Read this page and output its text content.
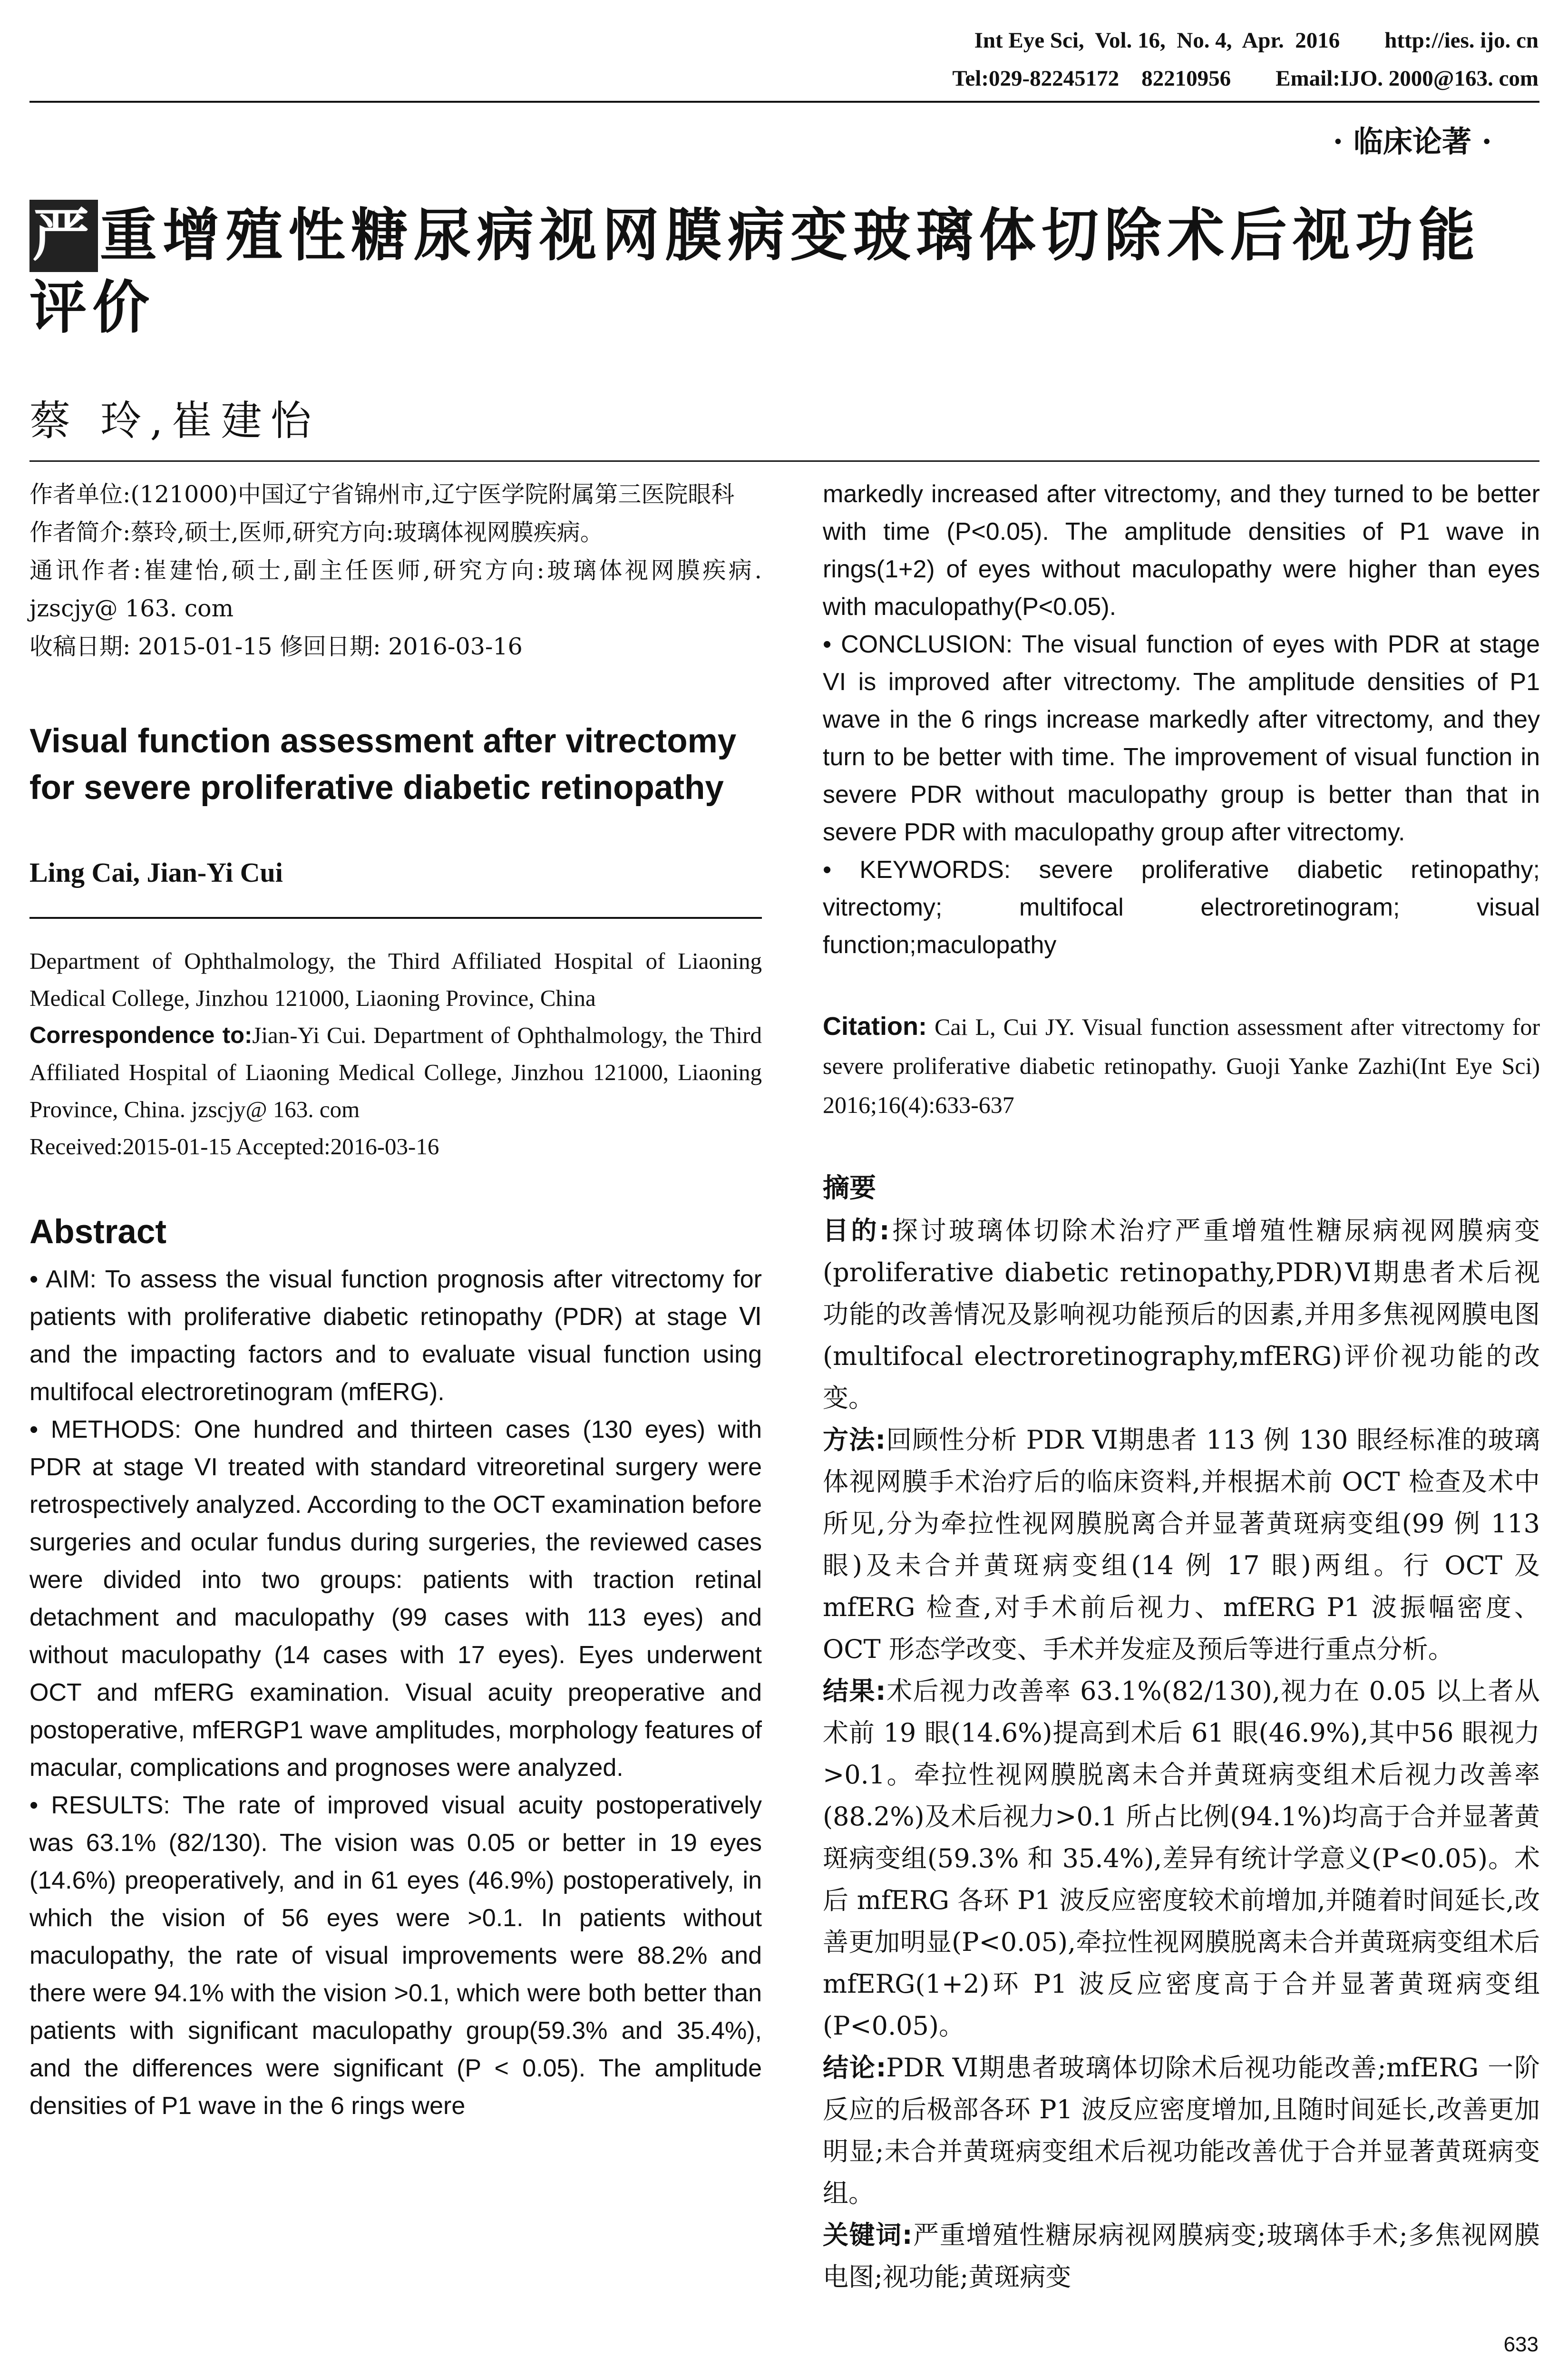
Int Eye Sci,  Vol. 16,  No. 4,  Apr.  2016        http://ies. ijo. cn
Tel:029-82245172    82210956        Email:IJO. 2000@163. com
· 临床论著 ·
严重增殖性糖尿病视网膜病变玻璃体切除术后视功能评价
蔡 玲,崔建怡

作者单位:(121000)中国辽宁省锦州市,辽宁医学院附属第三医院眼科

作者简介:蔡玲,硕士,医师,研究方向:玻璃体视网膜疾病。

通讯作者:崔建怡,硕士,副主任医师,研究方向:玻璃体视网膜疾病. jzscjy@ 163. com

收稿日期: 2015-01-15 修回日期: 2016-03-16

Visual function assessment after vitrectomy for severe proliferative diabetic retinopathy

Ling Cai, Jian-Yi Cui

Department of Ophthalmology, the Third Affiliated Hospital of Liaoning Medical College, Jinzhou 121000, Liaoning Province, China

Correspondence to:Jian-Yi Cui. Department of Ophthalmology, the Third Affiliated Hospital of Liaoning Medical College, Jinzhou 121000, Liaoning Province, China. jzscjy@ 163. com

Received:2015-01-15 Accepted:2016-03-16

Abstract

• AIM: To assess the visual function prognosis after vitrectomy for patients with proliferative diabetic retinopathy (PDR) at stage Ⅵ and the impacting factors and to evaluate visual function using multifocal electroretinogram (mfERG).

• METHODS: One hundred and thirteen cases (130 eyes) with PDR at stage VI treated with standard vitreoretinal surgery were retrospectively analyzed. According to the OCT examination before surgeries and ocular fundus during surgeries, the reviewed cases were divided into two groups: patients with traction retinal detachment and maculopathy (99 cases with 113 eyes) and without maculopathy (14 cases with 17 eyes). Eyes underwent OCT and mfERG examination. Visual acuity preoperative and postoperative, mfERGP1 wave amplitudes, morphology features of macular, complications and prognoses were analyzed.

• RESULTS: The rate of improved visual acuity postoperatively was 63.1% (82/130). The vision was 0.05 or better in 19 eyes (14.6%) preoperatively, and in 61 eyes (46.9%) postoperatively, in which the vision of 56 eyes were >0.1. In patients without maculopathy, the rate of visual improvements were 88.2% and there were 94.1% with the vision >0.1, which were both better than patients with significant maculopathy group(59.3% and 35.4%), and the differences were significant (P < 0.05). The amplitude densities of P1 wave in the 6 rings were

markedly increased after vitrectomy, and they turned to be better with time (P<0.05). The amplitude densities of P1 wave in rings(1+2) of eyes without maculopathy were higher than eyes with maculopathy(P<0.05).

• CONCLUSION: The visual function of eyes with PDR at stage VI is improved after vitrectomy. The amplitude densities of P1 wave in the 6 rings increase markedly after vitrectomy, and they turn to be better with time. The improvement of visual function in severe PDR without maculopathy group is better than that in severe PDR with maculopathy group after vitrectomy.

• KEYWORDS: severe proliferative diabetic retinopathy; vitrectomy; multifocal electroretinogram; visual function;maculopathy

Citation: Cai L, Cui JY. Visual function assessment after vitrectomy for severe proliferative diabetic retinopathy. Guoji Yanke Zazhi(Int Eye Sci) 2016;16(4):633-637

摘要

目的:探讨玻璃体切除术治疗严重增殖性糖尿病视网膜病变(proliferative diabetic retinopathy,PDR)Ⅵ期患者术后视功能的改善情况及影响视功能预后的因素,并用多焦视网膜电图(multifocal electroretinography,mfERG)评价视功能的改变。

方法:回顾性分析 PDR Ⅵ期患者 113 例 130 眼经标准的玻璃体视网膜手术治疗后的临床资料,并根据术前 OCT 检查及术中所见,分为牵拉性视网膜脱离合并显著黄斑病变组(99 例 113 眼)及未合并黄斑病变组(14 例 17 眼)两组。行 OCT 及 mfERG 检查,对手术前后视力、mfERG P1 波振幅密度、OCT 形态学改变、手术并发症及预后等进行重点分析。

结果:术后视力改善率 63.1%(82/130),视力在 0.05 以上者从术前 19 眼(14.6%)提高到术后 61 眼(46.9%),其中56 眼视力>0.1。牵拉性视网膜脱离未合并黄斑病变组术后视力改善率(88.2%)及术后视力>0.1 所占比例(94.1%)均高于合并显著黄斑病变组(59.3% 和 35.4%),差异有统计学意义(P<0.05)。术后 mfERG 各环 P1 波反应密度较术前增加,并随着时间延长,改善更加明显(P<0.05),牵拉性视网膜脱离未合并黄斑病变组术后 mfERG(1+2)环 P1 波反应密度高于合并显著黄斑病变组(P<0.05)。

结论:PDR Ⅵ期患者玻璃体切除术后视功能改善;mfERG 一阶反应的后极部各环 P1 波反应密度增加,且随时间延长,改善更加明显;未合并黄斑病变组术后视功能改善优于合并显著黄斑病变组。

关键词:严重增殖性糖尿病视网膜病变;玻璃体手术;多焦视网膜电图;视功能;黄斑病变

633
